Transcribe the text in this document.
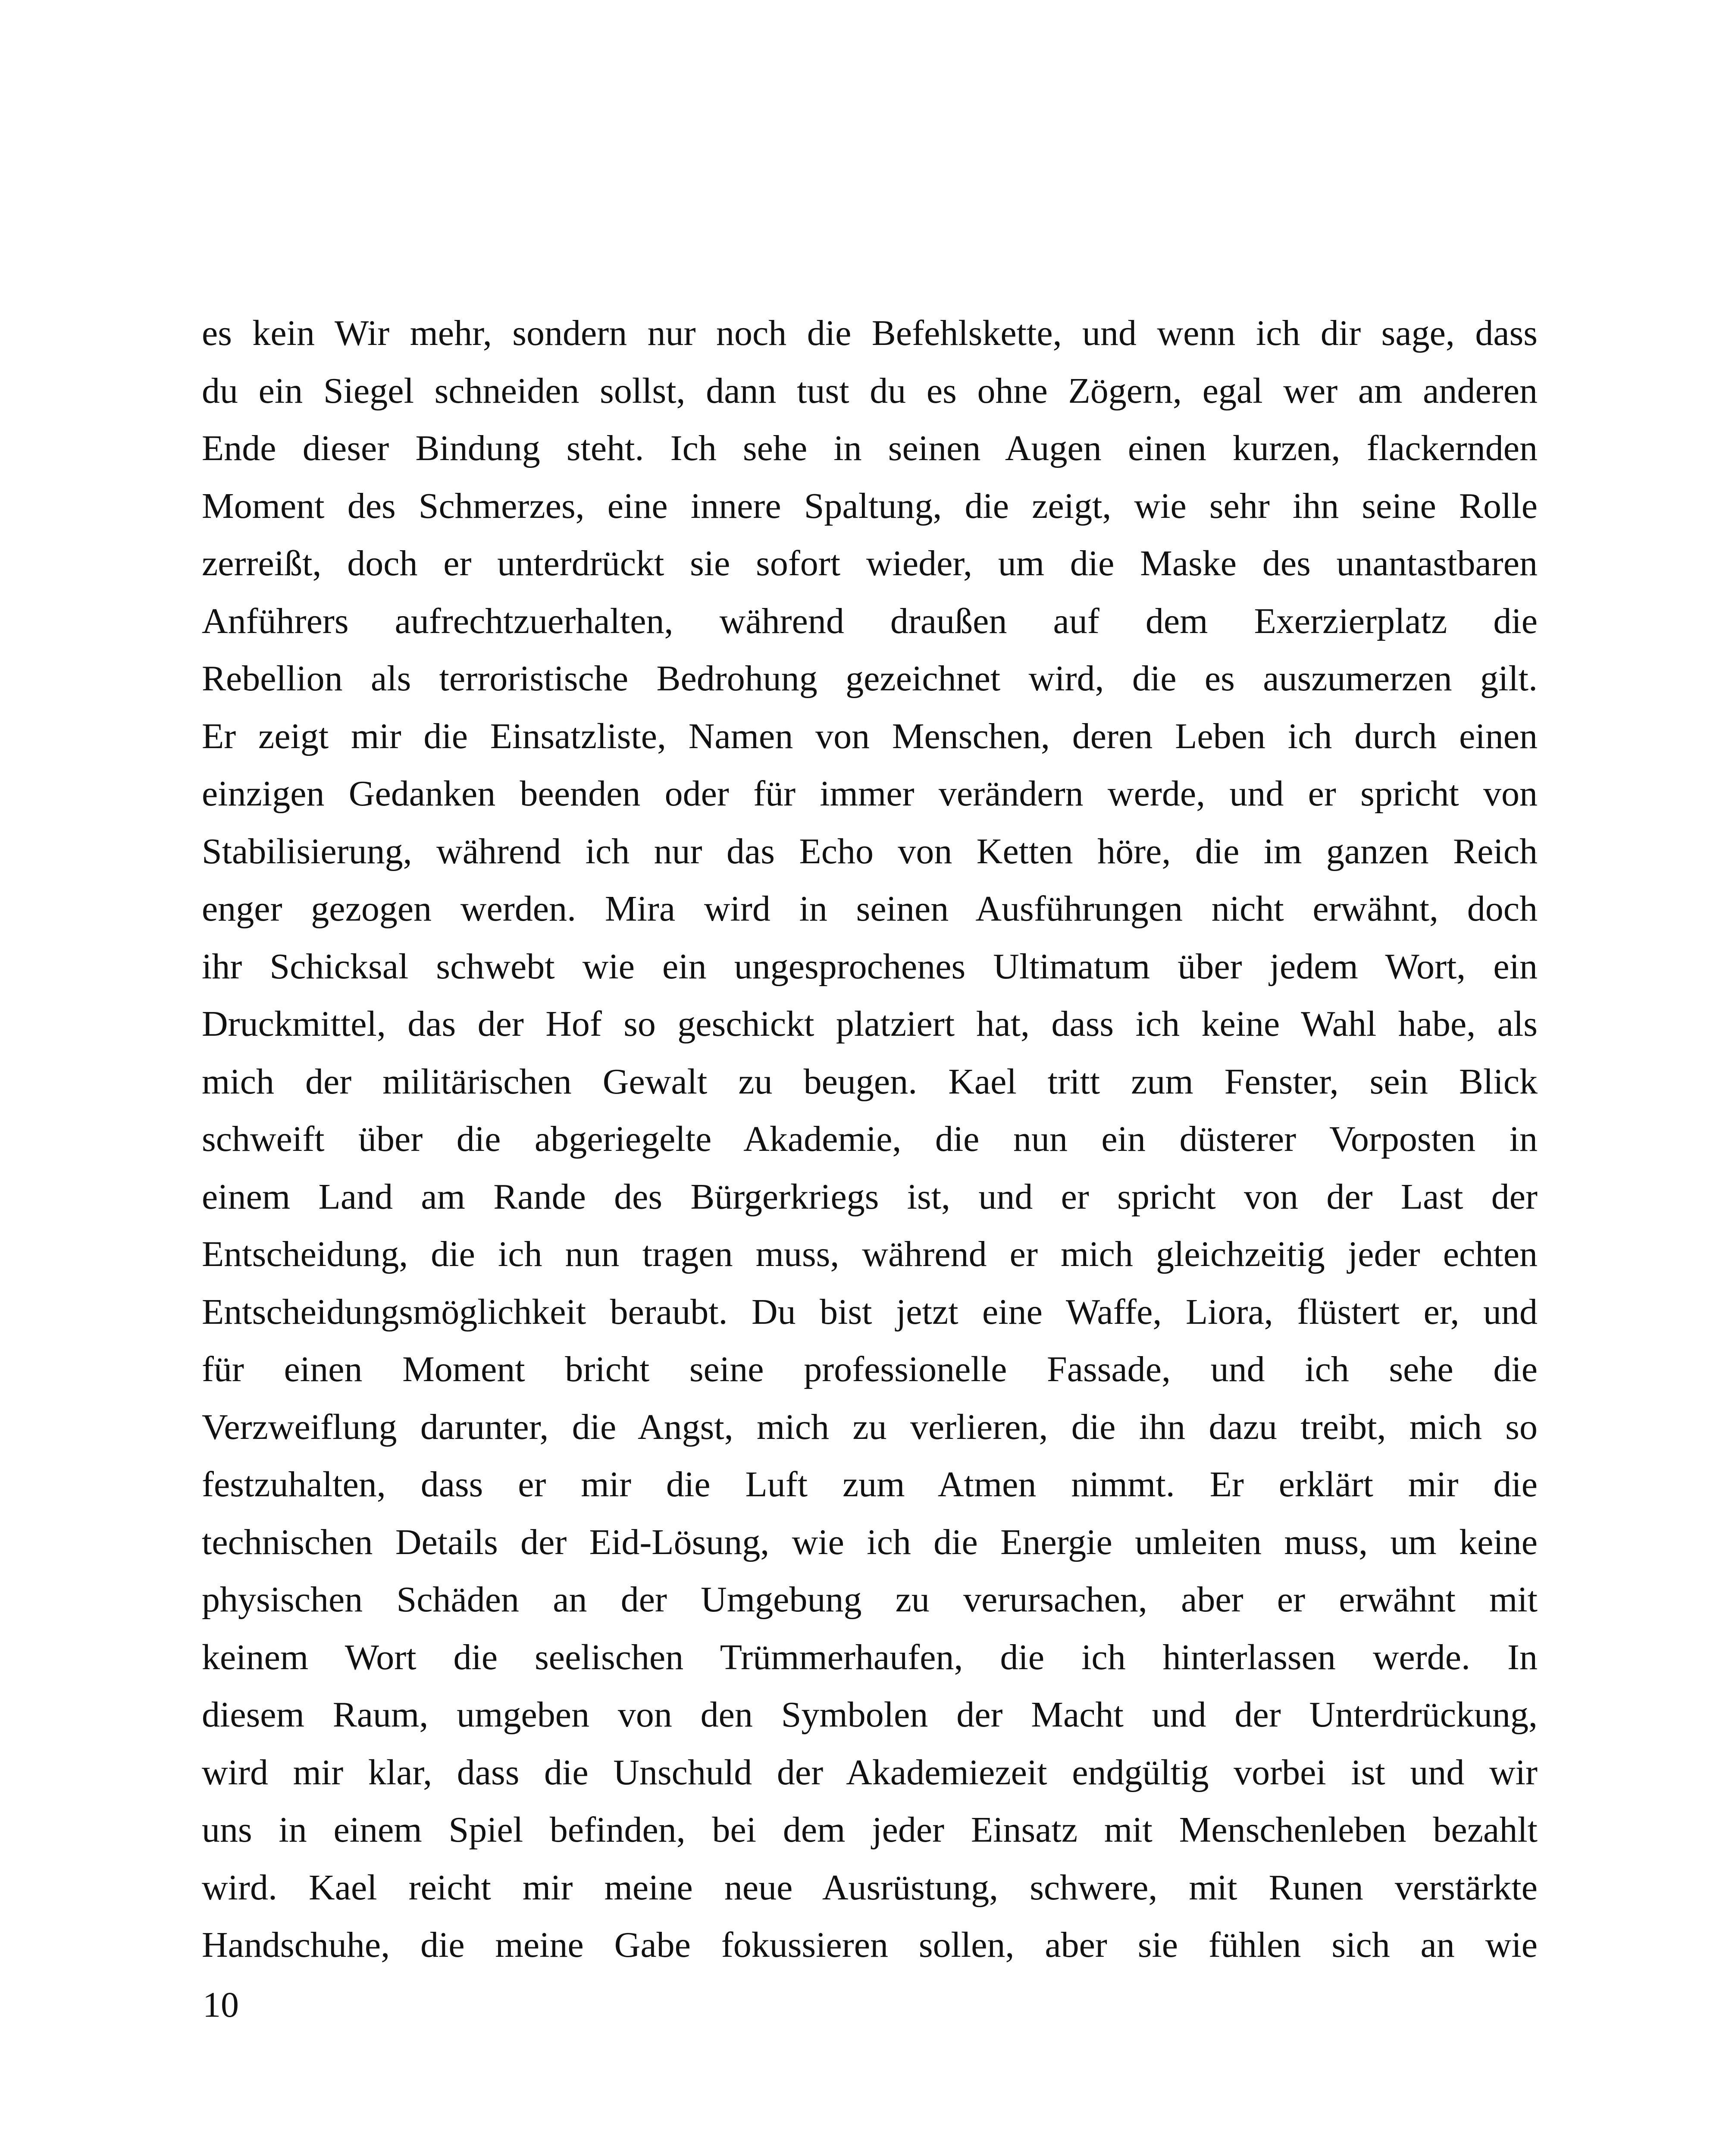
es kein Wir mehr, sondern nur noch die Befehlskette, und wenn ich dir sage, dass
du ein Siegel schneiden sollst, dann tust du es ohne Zögern, egal wer am anderen
Ende dieser Bindung steht. Ich sehe in seinen Augen einen kurzen, flackernden
Moment des Schmerzes, eine innere Spaltung, die zeigt, wie sehr ihn seine Rolle
zerreißt, doch er unterdrückt sie sofort wieder, um die Maske des unantastbaren
Anführers aufrechtzuerhalten, während draußen auf dem Exerzierplatz die
Rebellion als terroristische Bedrohung gezeichnet wird, die es auszumerzen gilt.
Er zeigt mir die Einsatzliste, Namen von Menschen, deren Leben ich durch einen
einzigen Gedanken beenden oder für immer verändern werde, und er spricht von
Stabilisierung, während ich nur das Echo von Ketten höre, die im ganzen Reich
enger gezogen werden. Mira wird in seinen Ausführungen nicht erwähnt, doch
ihr Schicksal schwebt wie ein ungesprochenes Ultimatum über jedem Wort, ein
Druckmittel, das der Hof so geschickt platziert hat, dass ich keine Wahl habe, als
mich der militärischen Gewalt zu beugen. Kael tritt zum Fenster, sein Blick
schweift über die abgeriegelte Akademie, die nun ein düsterer Vorposten in
einem Land am Rande des Bürgerkriegs ist, und er spricht von der Last der
Entscheidung, die ich nun tragen muss, während er mich gleichzeitig jeder echten
Entscheidungsmöglichkeit beraubt. Du bist jetzt eine Waffe, Liora, flüstert er, und
für einen Moment bricht seine professionelle Fassade, und ich sehe die
Verzweiflung darunter, die Angst, mich zu verlieren, die ihn dazu treibt, mich so
festzuhalten, dass er mir die Luft zum Atmen nimmt. Er erklärt mir die
technischen Details der Eid-Lösung, wie ich die Energie umleiten muss, um keine
physischen Schäden an der Umgebung zu verursachen, aber er erwähnt mit
keinem Wort die seelischen Trümmerhaufen, die ich hinterlassen werde. In
diesem Raum, umgeben von den Symbolen der Macht und der Unterdrückung,
wird mir klar, dass die Unschuld der Akademiezeit endgültig vorbei ist und wir
uns in einem Spiel befinden, bei dem jeder Einsatz mit Menschenleben bezahlt
wird. Kael reicht mir meine neue Ausrüstung, schwere, mit Runen verstärkte
Handschuhe, die meine Gabe fokussieren sollen, aber sie fühlen sich an wie
10
